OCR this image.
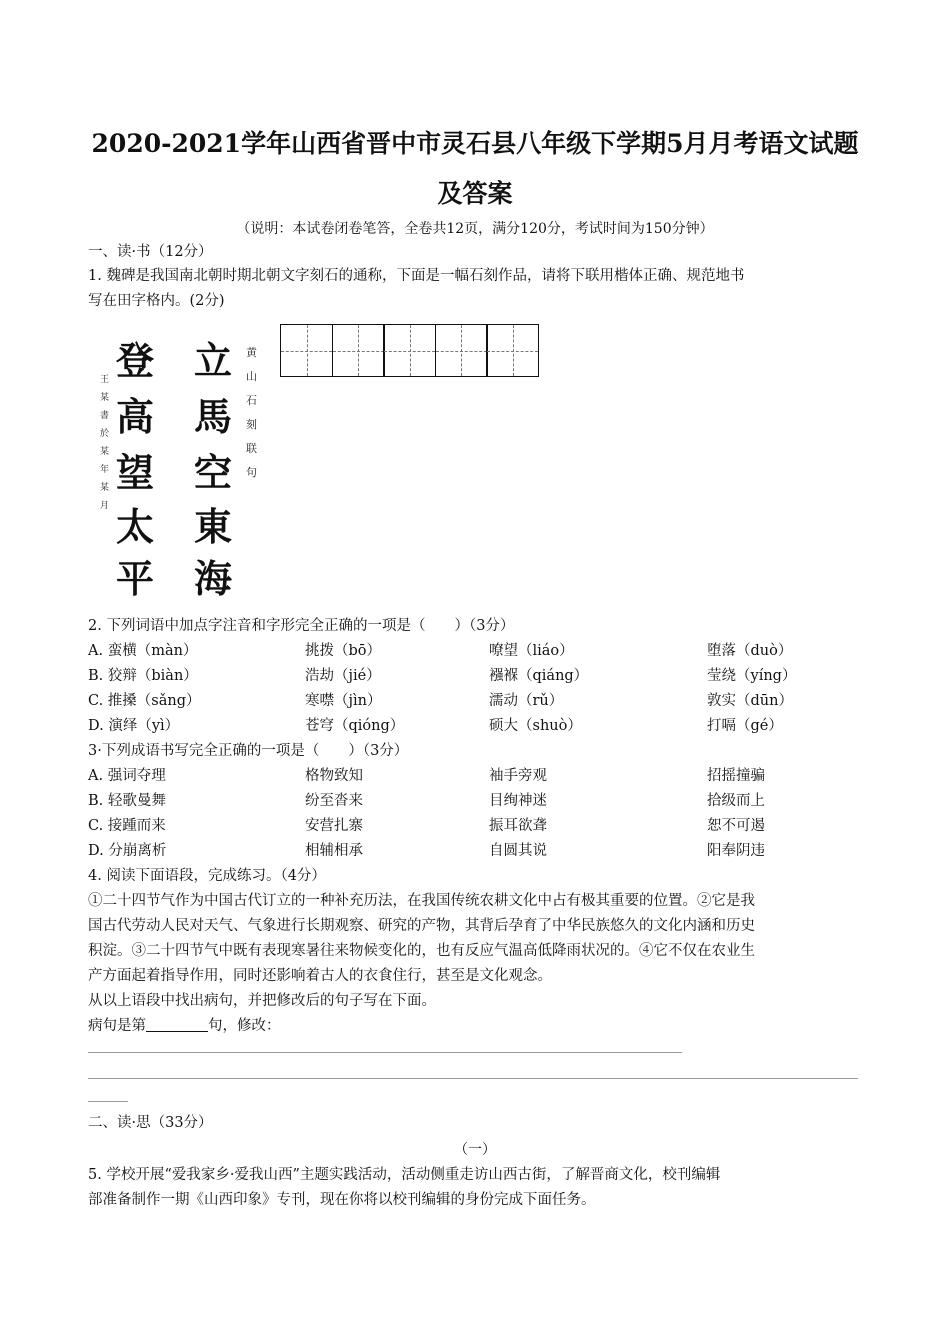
2020-2021学年山西省晋中市灵石县八年级下学期5月月考语文试题
及答案
（说明：本试卷闭卷笔答，全卷共12页，满分120分，考试时间为150分钟）
一、读·书（12分）
1. 魏碑是我国南北朝时期北朝文字刻石的通称，下面是一幅石刻作品，请将下联用楷体正确、规范地书
写在田字格内。(2分)
立
馬
空
東
海
登
高
望
太
平
黄
山
石
刻
联
句
王
某
書
於
某
年
某
月
2. 下列词语中加点字注音和字形完全正确的一项是（　　）（3分）
A. 蛮横（màn）	挑拨（bō）	嘹望（liáo）	堕落（duò）
B. 狡辩（biàn）	浩劫（jié）	襁褓（qiáng）	莹绕（yíng）
C. 推搡（sǎng）	寒噤（jìn）	濡动（rǔ）	敦实（dūn）
D. 演绎（yì）	苍穹（qióng）	硕大（shuò）	打嗝（gé）
3·下列成语书写完全正确的一项是（　　）（3分）
A. 强词夺理	格物致知	袖手旁观	招摇撞骗
B. 轻歌曼舞	纷至沓来	目绚神迷	拾级而上
C. 接踵而来	安营扎寨	振耳欲聋	恕不可遏
D. 分崩离析	相辅相承	自圆其说	阳奉阴违
4. 阅读下面语段，完成练习。（4分）
①二十四节气作为中国古代订立的一种补充历法，在我国传统农耕文化中占有极其重要的位置。②它是我
国古代劳动人民对天气、气象进行长期观察、研究的产物，其背后孕育了中华民族悠久的文化内涵和历史
积淀。③二十四节气中既有表现寒暑往来物候变化的，也有反应气温高低降雨状况的。④它不仅在农业生
产方面起着指导作用，同时还影响着古人的衣食住行，甚至是文化观念。
从以上语段中找出病句，并把修改后的句子写在下面。
病句是第	句，修改：
二、读·思（33分）
（一）
5. 学校开展“爱我家乡·爱我山西”主题实践活动，活动侧重走访山西古街，了解晋商文化，校刊编辑
部准备制作一期《山西印象》专刊，现在你将以校刊编辑的身份完成下面任务。
